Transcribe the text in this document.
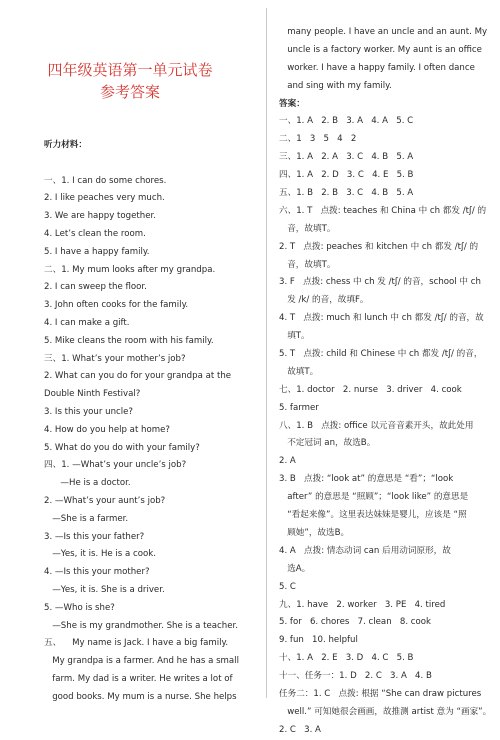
四年级英语第一单元试卷
参考答案
听力材料：
一、1. I can do some chores.
2. I like peaches very much.
3. We are happy together.
4. Let’s clean the room.
5. I have a happy family.
二、1. My mum looks after my grandpa.
2. I can sweep the floor.
3. John often cooks for the family.
4. I can make a gift.
5. Mike cleans the room with his family.
三、1. What’s your mother’s job?
2. What can you do for your grandpa at the
Double Ninth Festival?
3. Is this your uncle?
4. How do you help at home?
5. What do you do with your family?
四、1. —What’s your uncle’s job?
—He is a doctor.
2. —What’s your aunt’s job?
—She is a farmer.
3. —Is this your father?
—Yes, it is. He is a cook.
4. —Is this your mother?
—Yes, it is. She is a driver.
5. —Who is she?
—She is my grandmother. She is a teacher.
五、    My name is Jack. I have a big family.
My grandpa is a farmer. And he has a small
farm. My dad is a writer. He writes a lot of
good books. My mum is a nurse. She helps
many people. I have an uncle and an aunt. My
uncle is a factory worker. My aunt is an office
worker. I have a happy family. I often dance
and sing with my family.
答案：
一、1. A   2. B   3. A   4. A   5. C
二、1   3   5   4   2
三、1. A   2. A   3. C   4. B   5. A
四、1. A   2. D   3. C   4. E   5. B
五、1. B   2. B   3. C   4. B   5. A
六、1. T   点拨: teaches 和 China 中 ch 都发 /tʃ/ 的
音，故填T。
2. T   点拨: peaches 和 kitchen 中 ch 都发 /tʃ/ 的
音，故填T。
3. F   点拨: chess 中 ch 发 /tʃ/ 的音，school 中 ch
发 /k/ 的音，故填F。
4. T   点拨: much 和 lunch 中 ch 都发 /tʃ/ 的音，故
填T。
5. T   点拨: child 和 Chinese 中 ch 都发 /tʃ/ 的音，
故填T。
七、1. doctor   2. nurse   3. driver   4. cook
5. farmer
八、1. B   点拨: office 以元音音素开头，故此处用
不定冠词 an，故选B。
2. A
3. B   点拨: “look at” 的意思是 “看”；“look
after” 的意思是 “照顾”；“look like” 的意思是
“看起来像”。这里表达妹妹是婴儿，应该是 “照
顾她”，故选B。
4. A   点拨: 情态动词 can 后用动词原形，故
选A。
5. C
九、1. have   2. worker   3. PE   4. tired
5. for   6. chores   7. clean   8. cook
9. fun   10. helpful
十、1. A   2. E   3. D   4. C   5. B
十一、任务一：1. D   2. C   3. A   4. B
任务二：1. C   点拨: 根据 “She can draw pictures
well.” 可知她很会画画，故推测 artist 意为 “画家”。
2. C   3. A
